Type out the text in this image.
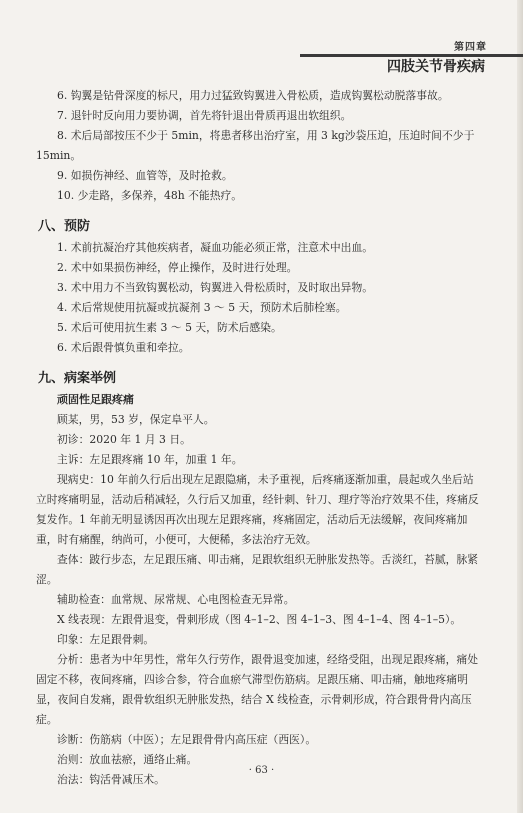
第四章
四肢关节骨疾病

6. 钩翼是钻骨深度的标尺，用力过猛致钩翼进入骨松质，造成钩翼松动脱落事故。

7. 退针时反向用力要协调，首先将针退出骨质再退出软组织。

8. 术后局部按压不少于 5min，将患者移出治疗室，用 3 kg沙袋压迫，压迫时间不少于 15min。

9. 如损伤神经、血管等，及时抢救。

10. 少走路，多保养，48h 不能热疗。

八、预防

1. 术前抗凝治疗其他疾病者，凝血功能必须正常，注意术中出血。

2. 术中如果损伤神经，停止操作，及时进行处理。

3. 术中用力不当致钩翼松动，钩翼进入骨松质时，及时取出异物。

4. 术后常规使用抗凝或抗凝剂 3 ～ 5 天，预防术后肺栓塞。

5. 术后可使用抗生素 3 ～ 5 天，防术后感染。

6. 术后跟骨慎负重和牵拉。

九、病案举例
顽固性足跟疼痛

顾某，男，53 岁，保定阜平人。

初诊：2020 年 1 月 3 日。

主诉：左足跟疼痛 10 年，加重 1 年。

现病史：10 年前久行后出现左足跟隐痛，未予重视，后疼痛逐渐加重，晨起或久坐后站立时疼痛明显，活动后稍减轻，久行后又加重，经针刺、针刀、理疗等治疗效果不佳，疼痛反复发作。1 年前无明显诱因再次出现左足跟疼痛，疼痛固定，活动后无法缓解，夜间疼痛加重，时有痛醒，纳尚可，小便可，大便稀，多法治疗无效。

查体：跛行步态，左足跟压痛、叩击痛，足跟软组织无肿胀发热等。舌淡红，苔腻，脉紧涩。

辅助检查：血常规、尿常规、心电图检查无异常。

X 线表现：左跟骨退变，骨刺形成（图 4–1–2、图 4–1–3、图 4–1–4、图 4–1–5）。

印象：左足跟骨刺。

分析：患者为中年男性，常年久行劳作，跟骨退变加速，经络受阻，出现足跟疼痛，痛处固定不移，夜间疼痛，四诊合参，符合血瘀气滞型伤筋病。足跟压痛、叩击痛，触地疼痛明显，夜间自发痛，跟骨软组织无肿胀发热，结合 X 线检查，示骨刺形成，符合跟骨骨内高压症。

诊断：伤筋病（中医）；左足跟骨骨内高压症（西医）。

治则：放血祛瘀，通络止痛。

治法：钩活骨减压术。

· 63 ·
